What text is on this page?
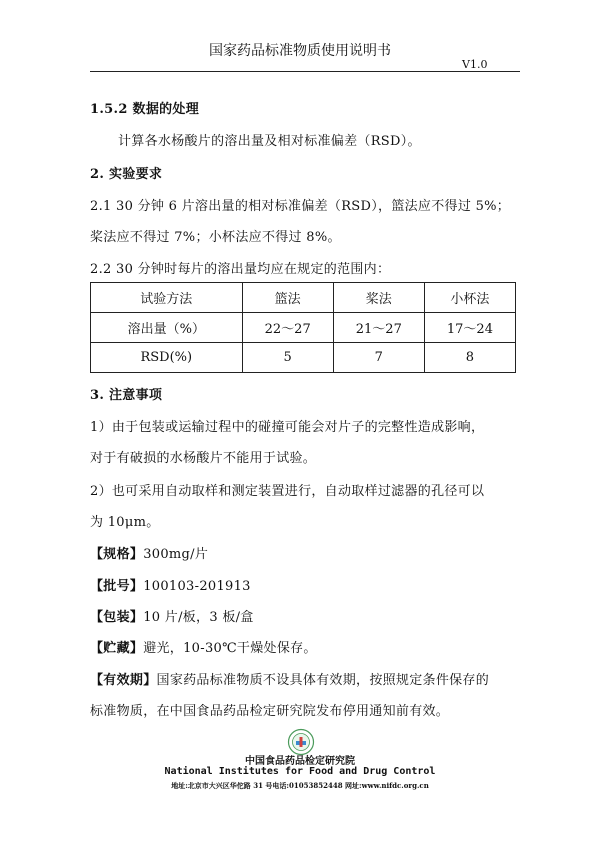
国家药品标准物质使用说明书
V1.0
1.5.2 数据的处理
计算各水杨酸片的溶出量及相对标准偏差（RSD）。
2. 实验要求
2.1 30 分钟 6 片溶出量的相对标准偏差（RSD），篮法应不得过 5%；
桨法应不得过 7%；小杯法应不得过 8%。
2.2 30 分钟时每片的溶出量均应在规定的范围内：
试验方法	篮法	桨法	小杯法
溶出量（%）	22～27	21～27	17～24
RSD(%)	5	7	8
3. 注意事项
1）由于包装或运输过程中的碰撞可能会对片子的完整性造成影响，
对于有破损的水杨酸片不能用于试验。
2）也可采用自动取样和测定装置进行，自动取样过滤器的孔径可以
为 10μm。
【规格】300mg/片
【批号】100103-201913
【包装】10 片/板，3 板/盒
【贮藏】避光，10-30℃干燥处保存。
【有效期】国家药品标准物质不设具体有效期，按照规定条件保存的
标准物质，在中国食品药品检定研究院发布停用通知前有效。
中国食品药品检定研究院
National Institutes for Food and Drug Control
地址:北京市大兴区华佗路 31 号电话:01053852448 网址:www.nifdc.org.cn
